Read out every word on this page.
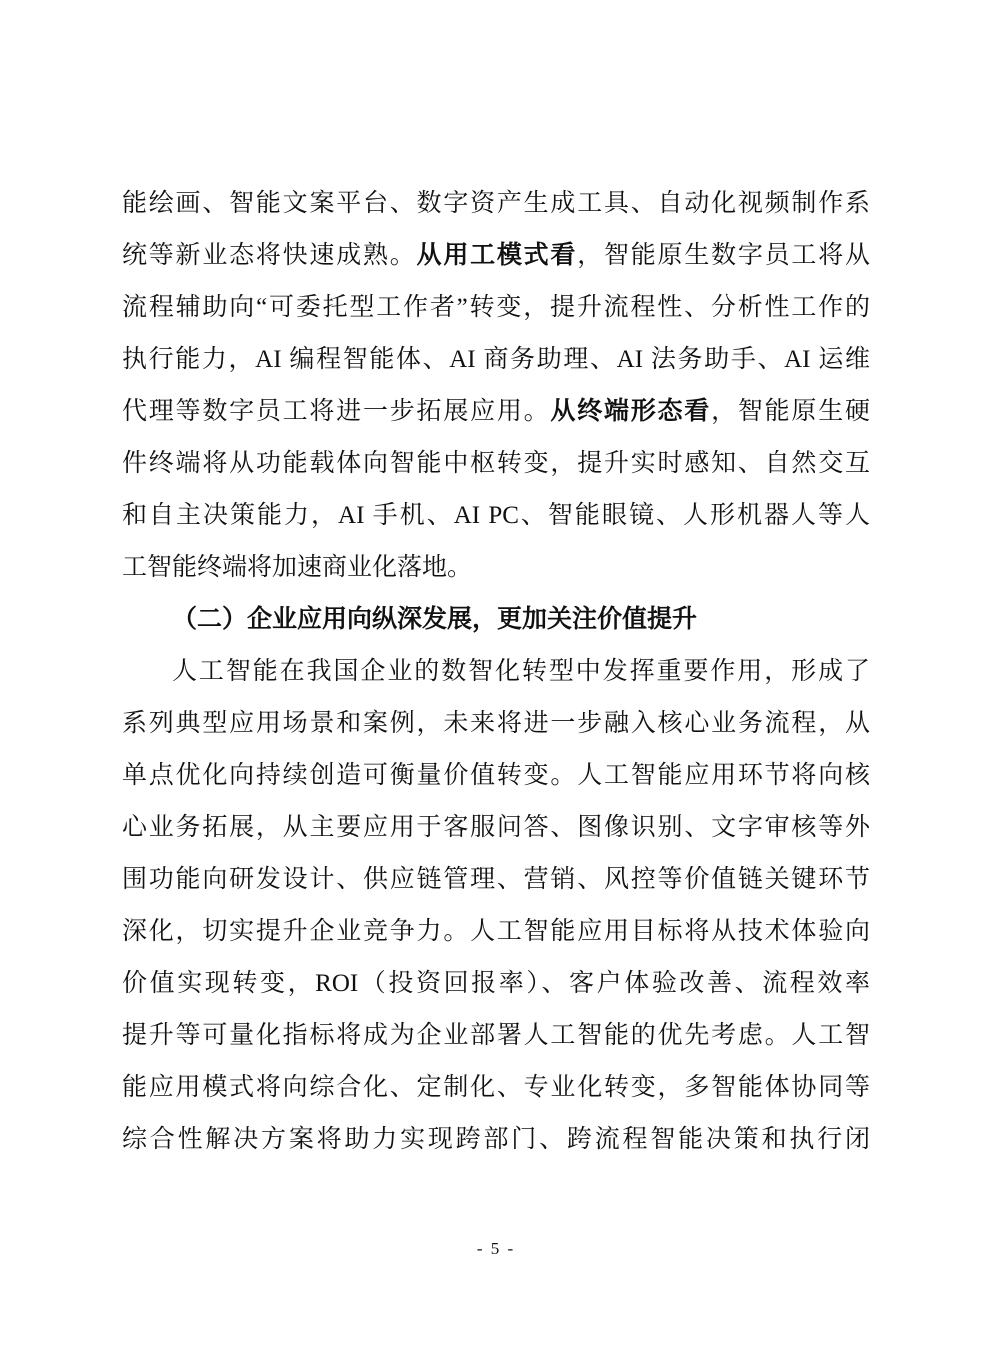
能绘画、智能文案平台、数字资产生成工具、自动化视频制作系
统等新业态将快速成熟。从用工模式看，智能原生数字员工将从
流程辅助向“可委托型工作者”转变，提升流程性、分析性工作的
执行能力，AI 编程智能体、AI 商务助理、AI 法务助手、AI 运维
代理等数字员工将进一步拓展应用。从终端形态看，智能原生硬
件终端将从功能载体向智能中枢转变，提升实时感知、自然交互
和自主决策能力，AI 手机、AI PC、智能眼镜、人形机器人等人
工智能终端将加速商业化落地。
（二）企业应用向纵深发展，更加关注价值提升
人工智能在我国企业的数智化转型中发挥重要作用，形成了
系列典型应用场景和案例，未来将进一步融入核心业务流程，从
单点优化向持续创造可衡量价值转变。人工智能应用环节将向核
心业务拓展，从主要应用于客服问答、图像识别、文字审核等外
围功能向研发设计、供应链管理、营销、风控等价值链关键环节
深化，切实提升企业竞争力。人工智能应用目标将从技术体验向
价值实现转变，ROI（投资回报率）、客户体验改善、流程效率
提升等可量化指标将成为企业部署人工智能的优先考虑。人工智
能应用模式将向综合化、定制化、专业化转变，多智能体协同等
综合性解决方案将助力实现跨部门、跨流程智能决策和执行闭
- 5 -
